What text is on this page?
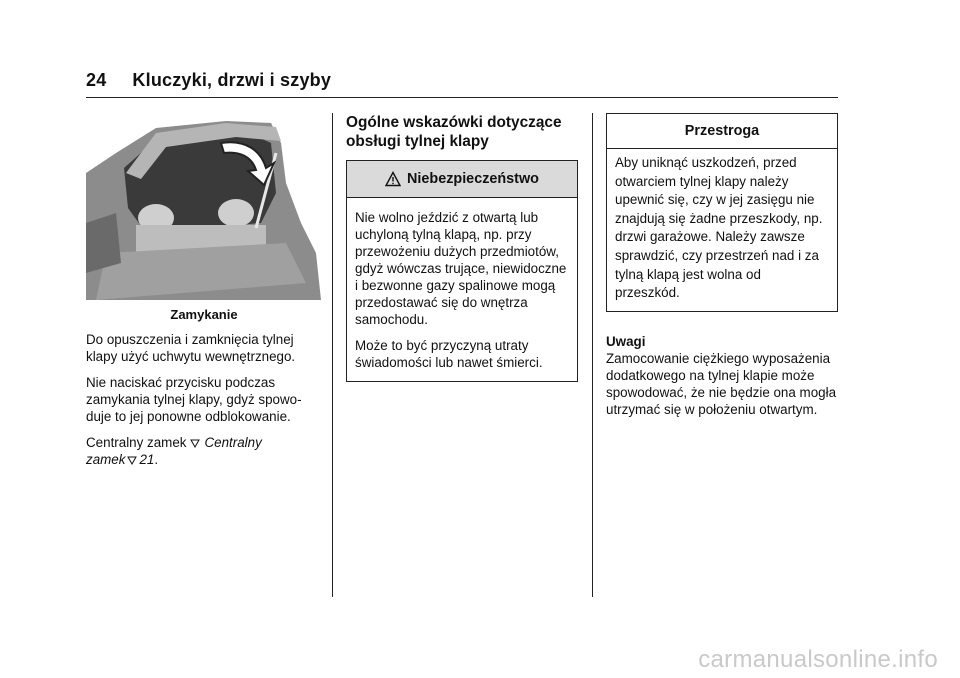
24 Kluczyki, drzwi i szyby
Zamykanie

Do opuszczenia i zamknięcia tylnej klapy użyć uchwytu wewnętrznego.

Nie naciskać przycisku podczas zamykania tylnej klapy, gdyż spowoduje to jej ponowne odblokowanie.

Centralny zamek Centralny
zamek 21.

Ogólne wskazówki dotyczące
obsługi tylnej klapy
Niebezpieczeństwo

Nie wolno jeździć z otwartą lub uchyloną tylną klapą, np. przy przewożeniu dużych przedmiotów, gdyż wówczas trujące, niewidoczne i bezwonne gazy spalinowe mogą przedostawać się do wnętrza samochodu.

Może to być przyczyną utraty świadomości lub nawet śmierci.

Przestroga

Aby uniknąć uszkodzeń, przed otwarciem tylnej klapy należy upewnić się, czy w jej zasięgu nie znajdują się żadne przeszkody, np. drzwi garażowe. Należy zawsze sprawdzić, czy przestrzeń nad i za tylną klapą jest wolna od przeszkód.

Uwagi

Zamocowanie ciężkiego wyposażenia dodatkowego na tylnej klapie może spowodować, że nie będzie ona mogła utrzymać się w położeniu otwartym.

carmanualsonline.info
